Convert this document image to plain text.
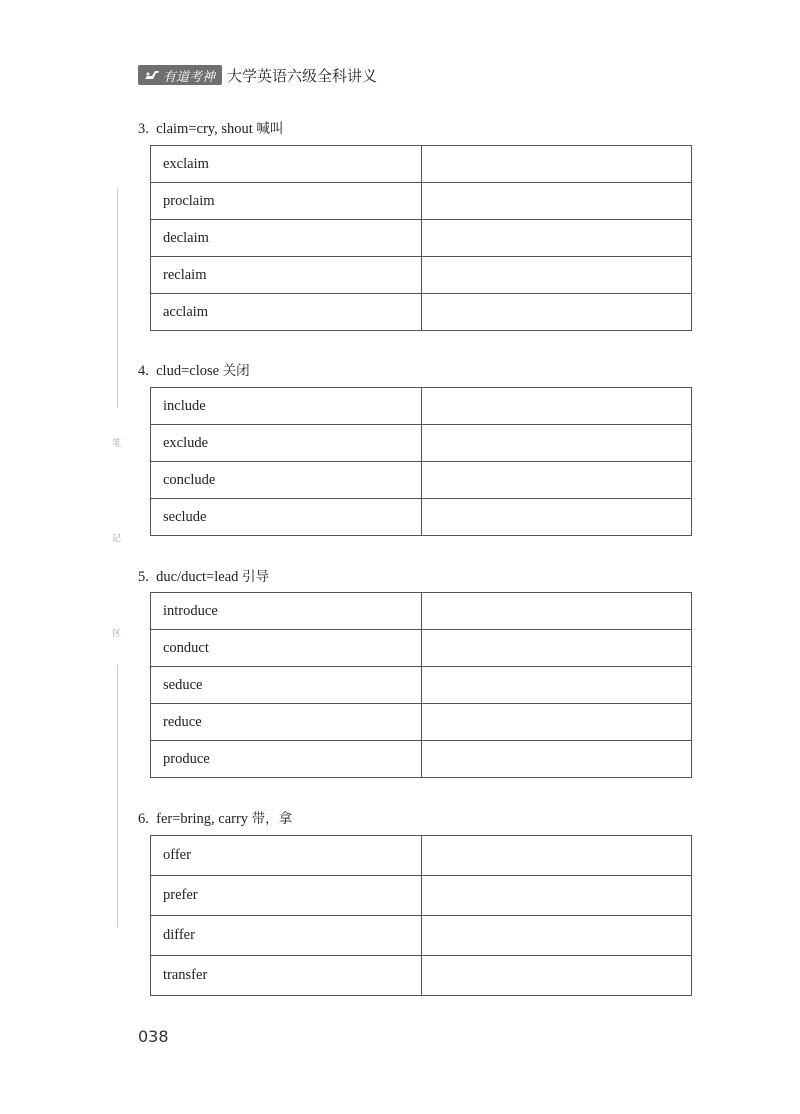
有道考神 大学英语六级全科讲义
笔
记
区
3. claim=cry, shout 喊叫
exclaim	
proclaim	
declaim	
reclaim	
acclaim	
4. clud=close 关闭
include	
exclude	
conclude	
seclude	
5. duc/duct=lead 引导
introduce	
conduct	
seduce	
reduce	
produce	
6. fer=bring, carry 带，拿
offer	
prefer	
differ	
transfer	
038
